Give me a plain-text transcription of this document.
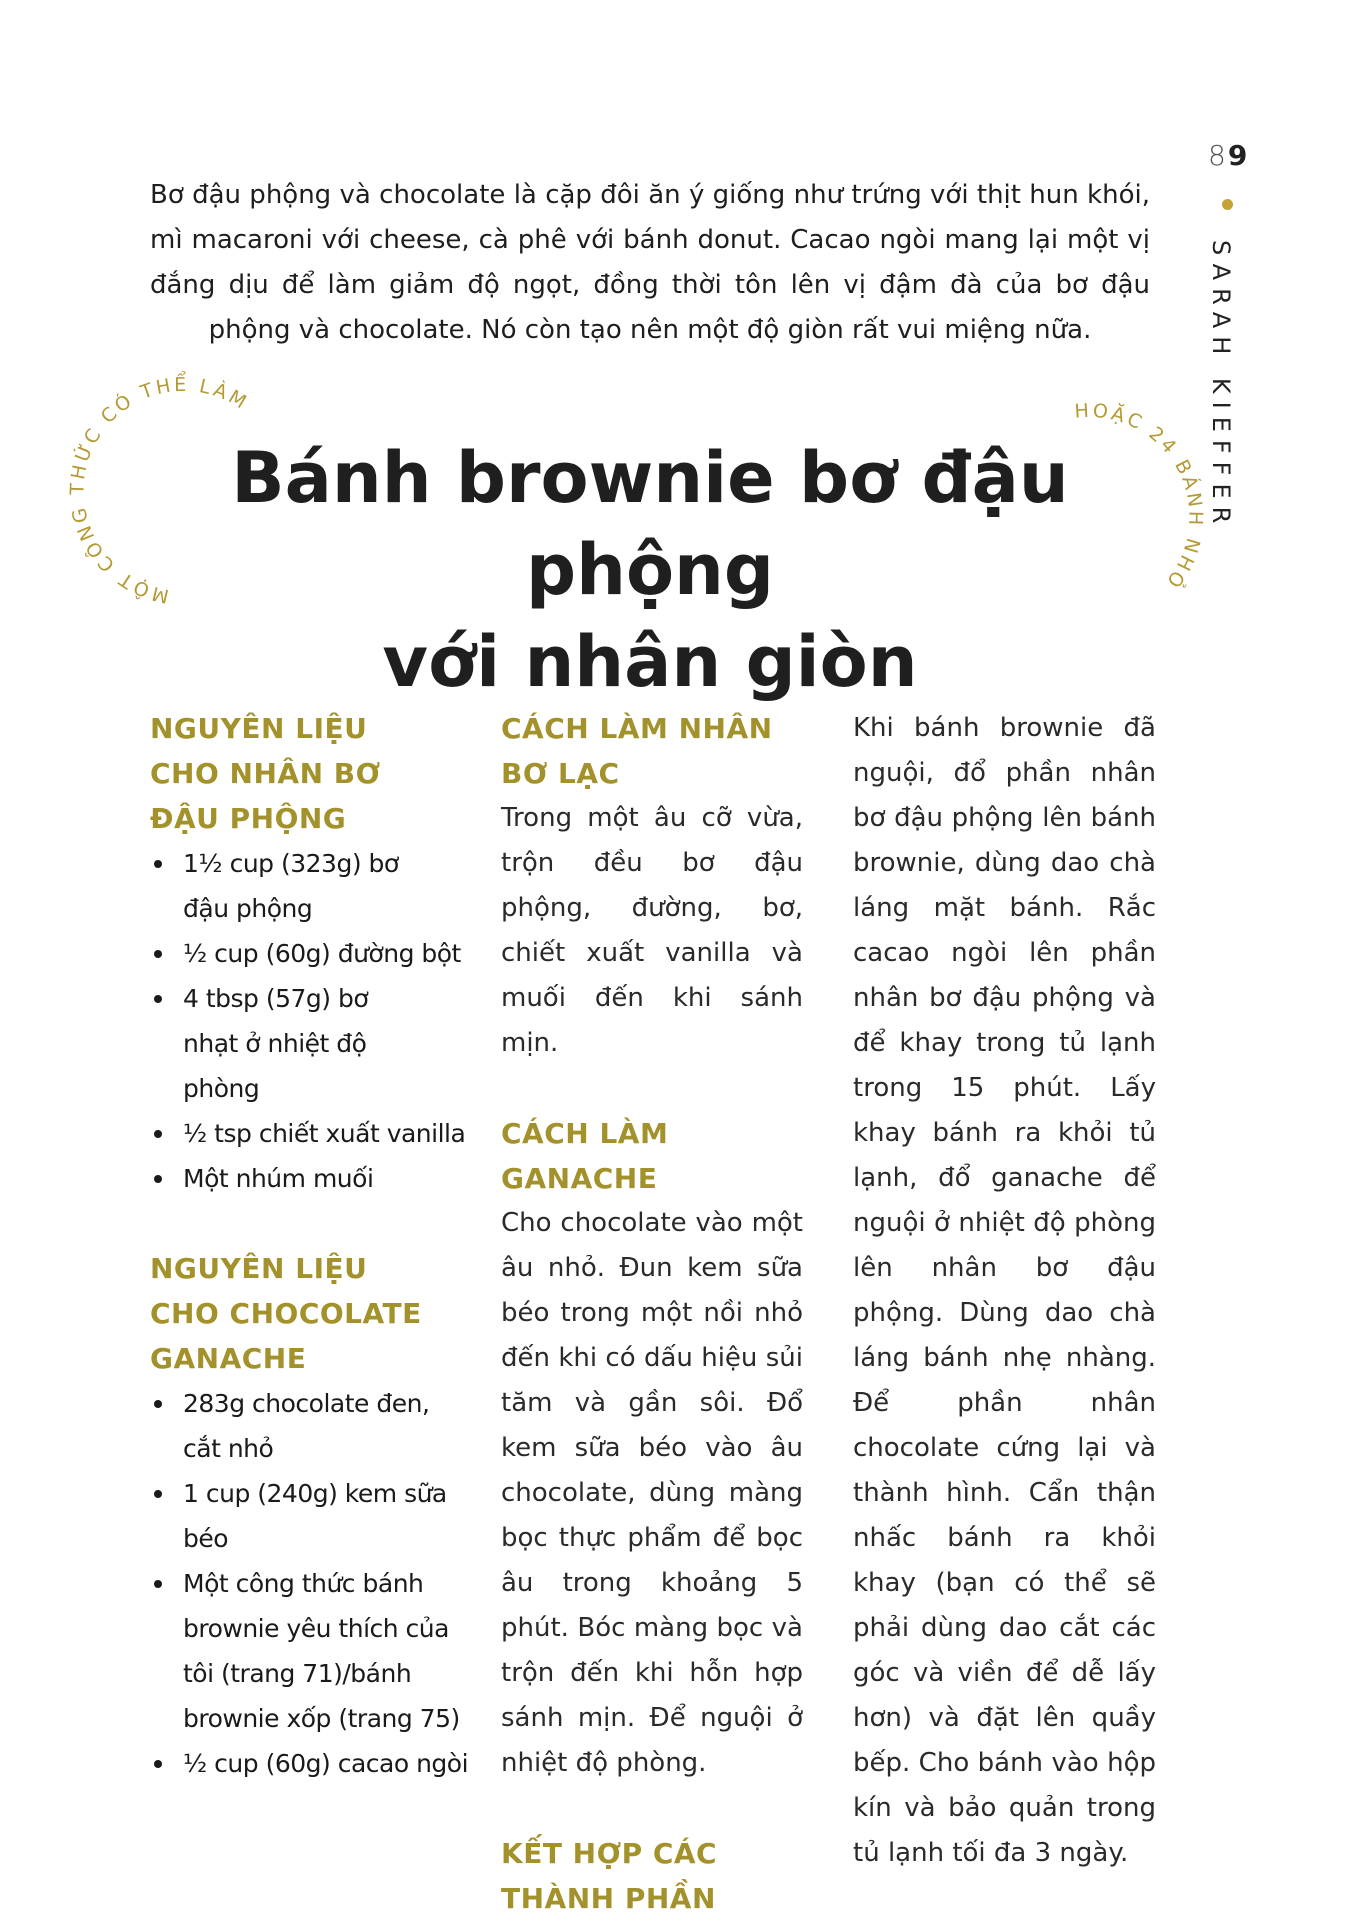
89
SARAH KIEFFER
Bơ đậu phộng và chocolate là cặp đôi ăn ý giống như trứng với thịt hun khói, mì macaroni với cheese, cà phê với bánh donut. Cacao ngòi mang lại một vị đắng dịu để làm giảm độ ngọt, đồng thời tôn lên vị đậm đà của bơ đậu phộng và chocolate. Nó còn tạo nên một độ giòn rất vui miệng nữa.
MỘT CÔNG THỨC CÓ THỂ LÀM 12 BÁNH LỚN
HOẶC 24 BÁNH NHỎ
Bánh brownie bơ đậu phộng
với nhân giòn
NGUYÊN LIỆU CHO NHÂN BƠ ĐẬU PHỘNG
1½ cup (323g) bơ đậu phộng
½ cup (60g) đường bột
4 tbsp (57g) bơ nhạt ở nhiệt độ phòng
½ tsp chiết xuất vanilla
Một nhúm muối
NGUYÊN LIỆU CHO CHOCOLATE GANACHE
283g chocolate đen, cắt nhỏ
1 cup (240g) kem sữa béo
Một công thức bánh brownie yêu thích của tôi (trang 71)/bánh brownie xốp (trang 75)
½ cup (60g) cacao ngòi
CÁCH LÀM NHÂN BƠ LẠC
Trong một âu cỡ vừa, trộn đều bơ đậu phộng, đường, bơ, chiết xuất vanilla và muối đến khi sánh mịn.
CÁCH LÀM GANACHE
Cho chocolate vào một âu nhỏ. Đun kem sữa béo trong một nồi nhỏ đến khi có dấu hiệu sủi tăm và gần sôi. Đổ kem sữa béo vào âu chocolate, dùng màng bọc thực phẩm để bọc âu trong khoảng 5 phút. Bóc màng bọc và trộn đến khi hỗn hợp sánh mịn. Để nguội ở nhiệt độ phòng.
KẾT HỢP CÁC THÀNH PHẦN
Khi bánh brownie đã nguội, đổ phần nhân bơ đậu phộng lên bánh brownie, dùng dao chà láng mặt bánh. Rắc cacao ngòi lên phần nhân bơ đậu phộng và để khay trong tủ lạnh trong 15 phút. Lấy khay bánh ra khỏi tủ lạnh, đổ ganache để nguội ở nhiệt độ phòng lên nhân bơ đậu phộng. Dùng dao chà láng bánh nhẹ nhàng. Để phần nhân chocolate cứng lại và thành hình. Cẩn thận nhấc bánh ra khỏi khay (bạn có thể sẽ phải dùng dao cắt các góc và viền để dễ lấy hơn) và đặt lên quầy bếp. Cho bánh vào hộp kín và bảo quản trong tủ lạnh tối đa 3 ngày.
